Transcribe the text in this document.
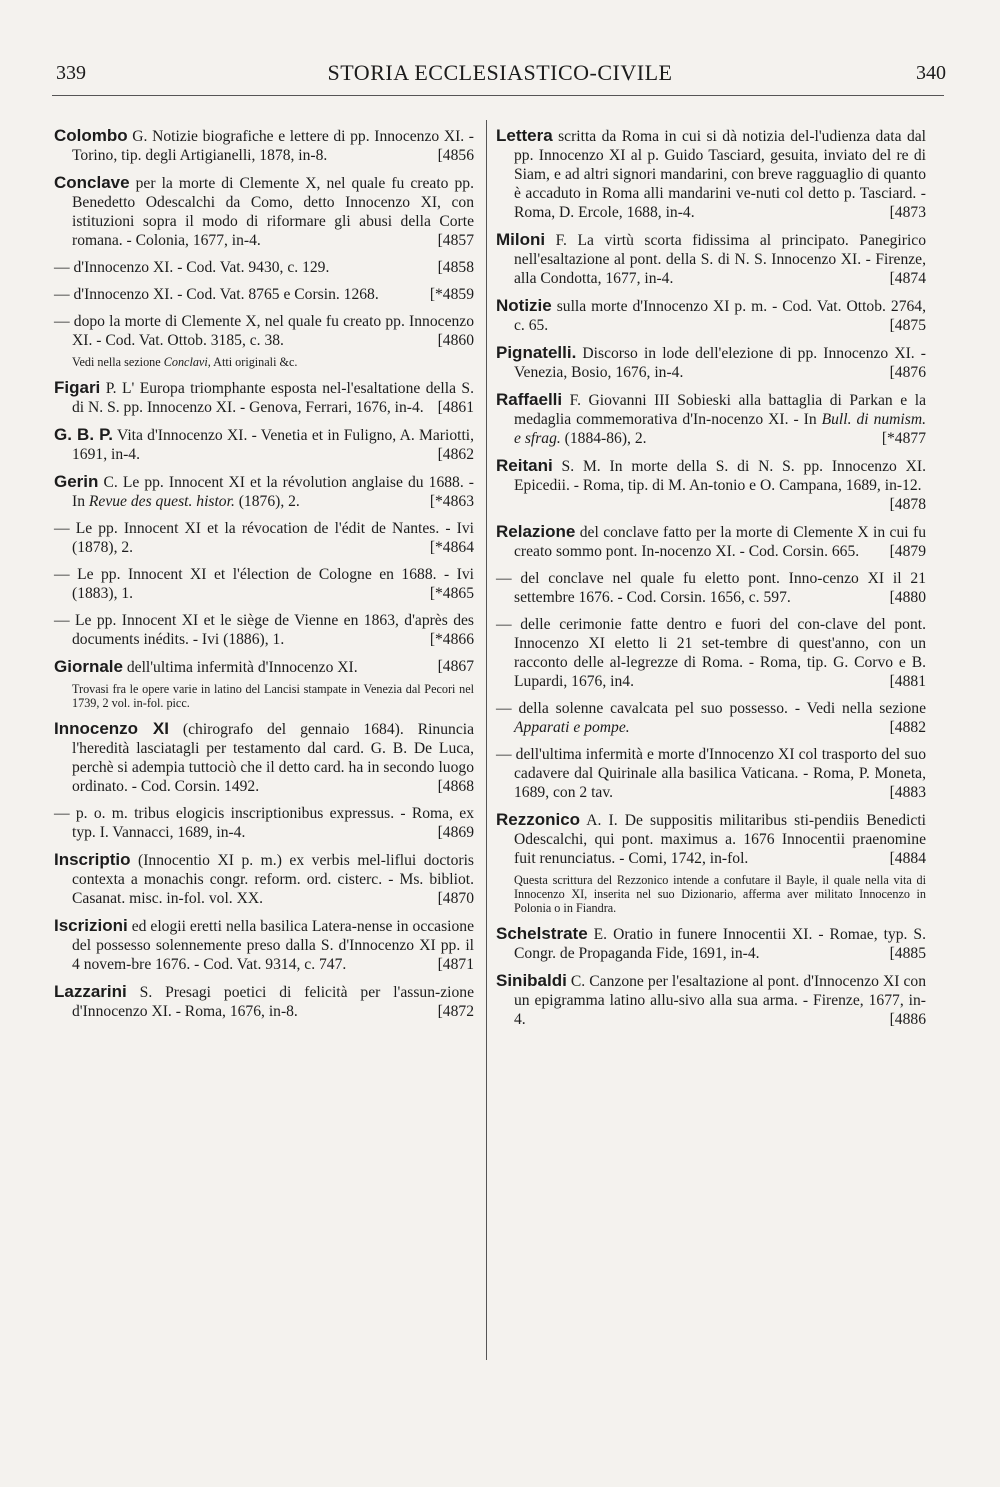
339	STORIA ECCLESIASTICO-CIVILE	340

Colombo G. Notizie biografiche e lettere di pp. Innocenzo XI. - Torino, tip. degli Artigianelli, 1878, in-8.	[4856

Conclave per la morte di Clemente X, nel quale fu creato pp. Benedetto Odescalchi da Como, detto Innocenzo XI, con istituzioni sopra il modo di riformare gli abusi della Corte romana. - Colonia, 1677, in-4.	[4857

— d'Innocenzo XI. - Cod. Vat. 9430, c. 129.	[4858

— d'Innocenzo XI. - Cod. Vat. 8765 e Corsin. 1268.	[*4859

— dopo la morte di Clemente X, nel quale fu creato pp. Innocenzo XI. - Cod. Vat. Ottob. 3185, c. 38.	[4860

Vedi nella sezione Conclavi, Atti originali &c.

Figari P. L' Europa triomphante esposta nel-l'esaltatione della S. di N. S. pp. Innocenzo XI. - Genova, Ferrari, 1676, in-4. [4861

G. B. P. Vita d'Innocenzo XI. - Venetia et in Fuligno, A. Mariotti, 1691, in-4.	[4862

Gerin C. Le pp. Innocent XI et la révolution anglaise du 1688. - In Revue des quest. histor. (1876), 2.	[*4863

— Le pp. Innocent XI et la révocation de l'édit de Nantes. - Ivi (1878), 2.	[*4864

— Le pp. Innocent XI et l'élection de Cologne en 1688. - Ivi (1883), 1.	[*4865

— Le pp. Innocent XI et le siège de Vienne en 1863, d'après des documents inédits. - Ivi (1886), 1.	[*4866

Giornale dell'ultima infermità d'Innocenzo XI.	[4867

Trovasi fra le opere varie in latino del Lancisi stampate in Venezia dal Pecori nel 1739, 2 vol. in-fol. picc.

Innocenzo XI (chirografo del gennaio 1684). Rinuncia l'heredità lasciatagli per testamento dal card. G. B. De Luca, perchè si adempia tuttociò che il detto card. ha in secondo luogo ordinato. - Cod. Corsin. 1492.	[4868

— p. o. m. tribus elogicis inscriptionibus expressus. - Roma, ex typ. I. Vannacci, 1689, in-4.	[4869

Inscriptio (Innocentio XI p. m.) ex verbis mel-liflui doctoris contexta a monachis congr. reform. ord. cisterc. - Ms. bibliot. Casanat. misc. in-fol. vol. XX.	[4870

Iscrizioni ed elogii eretti nella basilica Latera-nense in occasione del possesso solennemente preso dalla S. d'Innocenzo XI pp. il 4 novem-bre 1676. - Cod. Vat. 9314, c. 747.	[4871

Lazzarini S. Presagi poetici di felicità per l'assun-zione d'Innocenzo XI. - Roma, 1676, in-8.	[4872

Lettera scritta da Roma in cui si dà notizia del-l'udienza data dal pp. Innocenzo XI al p. Guido Tasciard, gesuita, inviato del re di Siam, e ad altri signori mandarini, con breve ragguaglio di quanto è accaduto in Roma alli mandarini ve-nuti col detto p. Tasciard. - Roma, D. Ercole, 1688, in-4.	[4873

Miloni F. La virtù scorta fidissima al principato. Panegirico nell'esaltazione al pont. della S. di N. S. Innocenzo XI. - Firenze, alla Condotta, 1677, in-4.	[4874

Notizie sulla morte d'Innocenzo XI p. m. - Cod. Vat. Ottob. 2764, c. 65.	[4875

Pignatelli. Discorso in lode dell'elezione di pp. Innocenzo XI. - Venezia, Bosio, 1676, in-4.	[4876

Raffaelli F. Giovanni III Sobieski alla battaglia di Parkan e la medaglia commemorativa d'In-nocenzo XI. - In Bull. di numism. e sfrag. (1884-86), 2.	[*4877

Reitani S. M. In morte della S. di N. S. pp. Innocenzo XI. Epicedii. - Roma, tip. di M. An-tonio e O. Campana, 1689, in-12.
[4878

Relazione del conclave fatto per la morte di Clemente X in cui fu creato sommo pont. In-nocenzo XI. - Cod. Corsin. 665. [4879

— del conclave nel quale fu eletto pont. Inno-cenzo XI il 21 settembre 1676. - Cod. Corsin. 1656, c. 597.	[4880

— delle cerimonie fatte dentro e fuori del con-clave del pont. Innocenzo XI eletto li 21 set-tembre di quest'anno, con un racconto delle al-legrezze di Roma. - Roma, tip. G. Corvo e B. Lupardi, 1676, in4.	[4881

— della solenne cavalcata pel suo possesso. - Vedi nella sezione Apparati e pompe.	[4882

— dell'ultima infermità e morte d'Innocenzo XI col trasporto del suo cadavere dal Quirinale alla basilica Vaticana. - Roma, P. Moneta, 1689, con 2 tav.	[4883

Rezzonico A. I. De suppositis militaribus sti-pendiis Benedicti Odescalchi, qui pont. maximus a. 1676 Innocentii praenomine fuit renunciatus. - Comi, 1742, in-fol.	[4884

Questa scrittura del Rezzonico intende a confutare il Bayle, il quale nella vita di Innocenzo XI, inserita nel suo Dizionario, afferma aver militato Innocenzo in Polonia o in Fiandra.

Schelstrate E. Oratio in funere Innocentii XI. - Romae, typ. S. Congr. de Propaganda Fide, 1691, in-4.	[4885

Sinibaldi C. Canzone per l'esaltazione al pont. d'Innocenzo XI con un epigramma latino allu-sivo alla sua arma. - Firenze, 1677, in-4.	[4886
